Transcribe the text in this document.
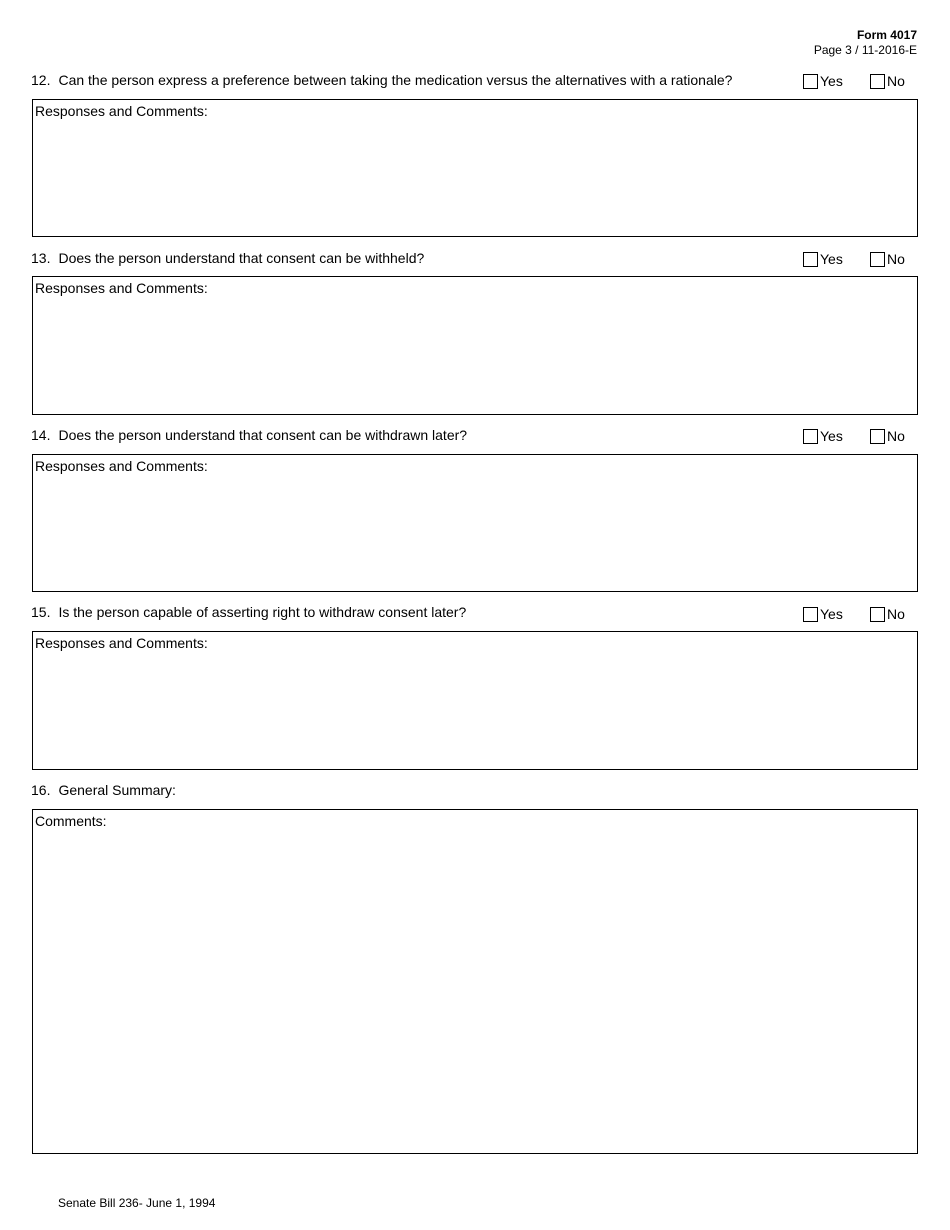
Form 4017
Page 3 / 11-2016-E
12. Can the person express a preference between taking the medication versus the alternatives with a rationale?	Yes	No
Responses and Comments:
13. Does the person understand that consent can be withheld?	Yes	No
Responses and Comments:
14. Does the person understand that consent can be withdrawn later?	Yes	No
Responses and Comments:
15. Is the person capable of asserting right to withdraw consent later?	Yes	No
Responses and Comments:
16. General Summary:
Comments:
Senate Bill 236- June 1, 1994
